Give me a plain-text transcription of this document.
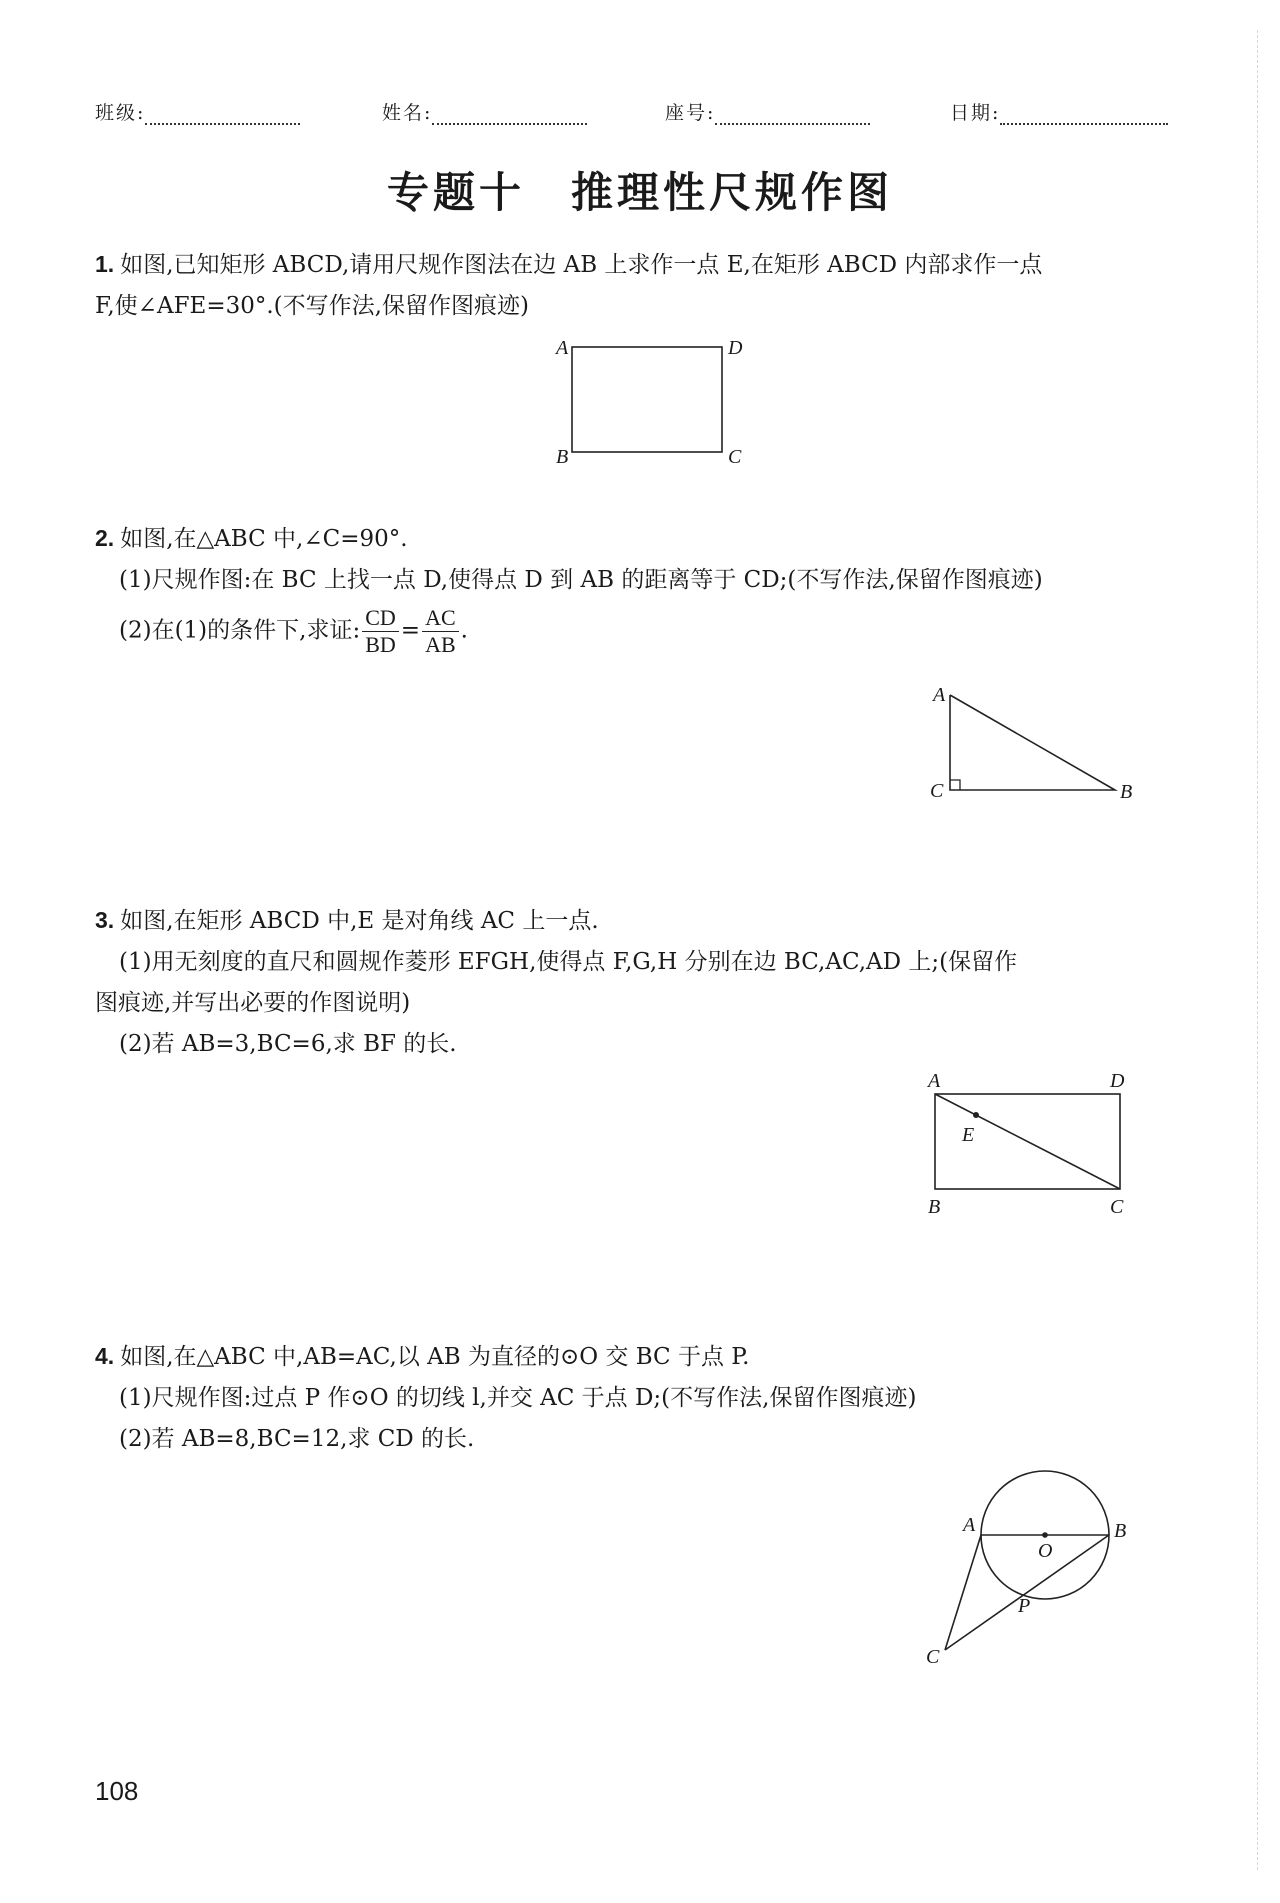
班级:	姓名:	座号:	日期:
专题十　推理性尺规作图
1. 如图,已知矩形 ABCD,请用尺规作图法在边 AB 上求作一点 E,在矩形 ABCD 内部求作一点
F,使∠AFE=30°.(不写作法,保留作图痕迹)
A	D
B	C
2. 如图,在△ABC 中,∠C=90°.
(1)尺规作图:在 BC 上找一点 D,使得点 D 到 AB 的距离等于 CD;(不写作法,保留作图痕迹)
(2)在(1)的条件下,求证: $\frac{CD}{BD} = \frac{AC}{AB}$ .
A
C	B
3. 如图,在矩形 ABCD 中,E 是对角线 AC 上一点.
(1)用无刻度的直尺和圆规作菱形 EFGH,使得点 F,G,H 分别在边 BC,AC,AD 上;(保留作
图痕迹,并写出必要的作图说明)
(2)若 AB=3,BC=6,求 BF 的长.
A	D
E
B	C
4. 如图,在△ABC 中,AB=AC,以 AB 为直径的⊙O 交 BC 于点 P.
(1)尺规作图:过点 P 作⊙O 的切线 l,并交 AC 于点 D;(不写作法,保留作图痕迹)
(2)若 AB=8,BC=12,求 CD 的长.
A	B
O
P
C
108
